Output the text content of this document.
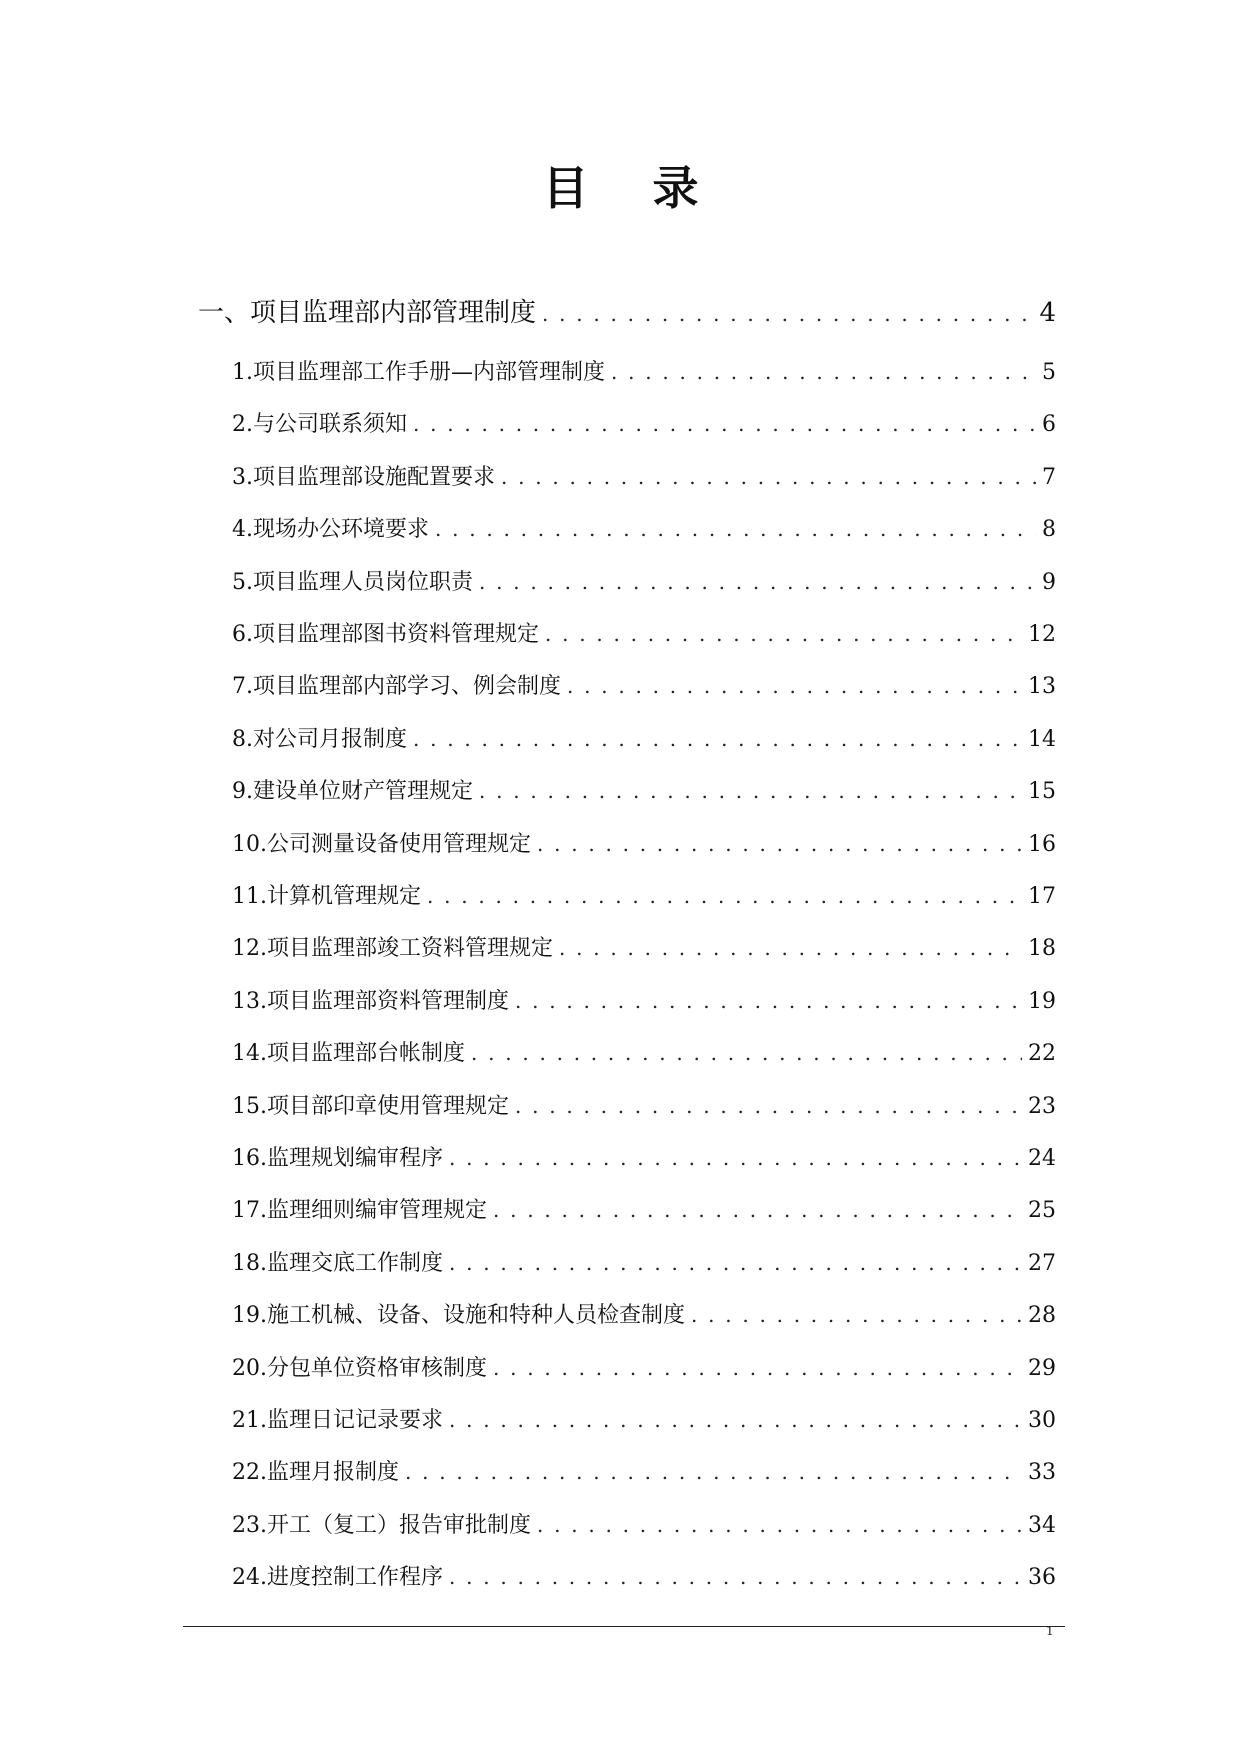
目    录
一、项目监理部内部管理制度 . . .	4
1.项目监理部工作手册—内部管理制度 . . .	5
2.与公司联系须知 . . .	6
3.项目监理部设施配置要求 . . .	7
4.现场办公环境要求 . . .	8
5.项目监理人员岗位职责 . . .	9
6.项目监理部图书资料管理规定 . . .	12
7.项目监理部内部学习、例会制度 . . .	13
8.对公司月报制度 . . .	14
9.建设单位财产管理规定 . . .	15
10.公司测量设备使用管理规定 . . .	16
11.计算机管理规定 . . .	17
12.项目监理部竣工资料管理规定 . . .	18
13.项目监理部资料管理制度 . . .	19
14.项目监理部台帐制度 . . .	22
15.项目部印章使用管理规定 . . .	23
16.监理规划编审程序 . . .	24
17.监理细则编审管理规定 . . .	25
18.监理交底工作制度 . . .	27
19.施工机械、设备、设施和特种人员检查制度 . . .	28
20.分包单位资格审核制度 . . .	29
21.监理日记记录要求 . . .	30
22.监理月报制度 . . .	33
23.开工（复工）报告审批制度 . . .	34
24.进度控制工作程序 . . .	36
1
